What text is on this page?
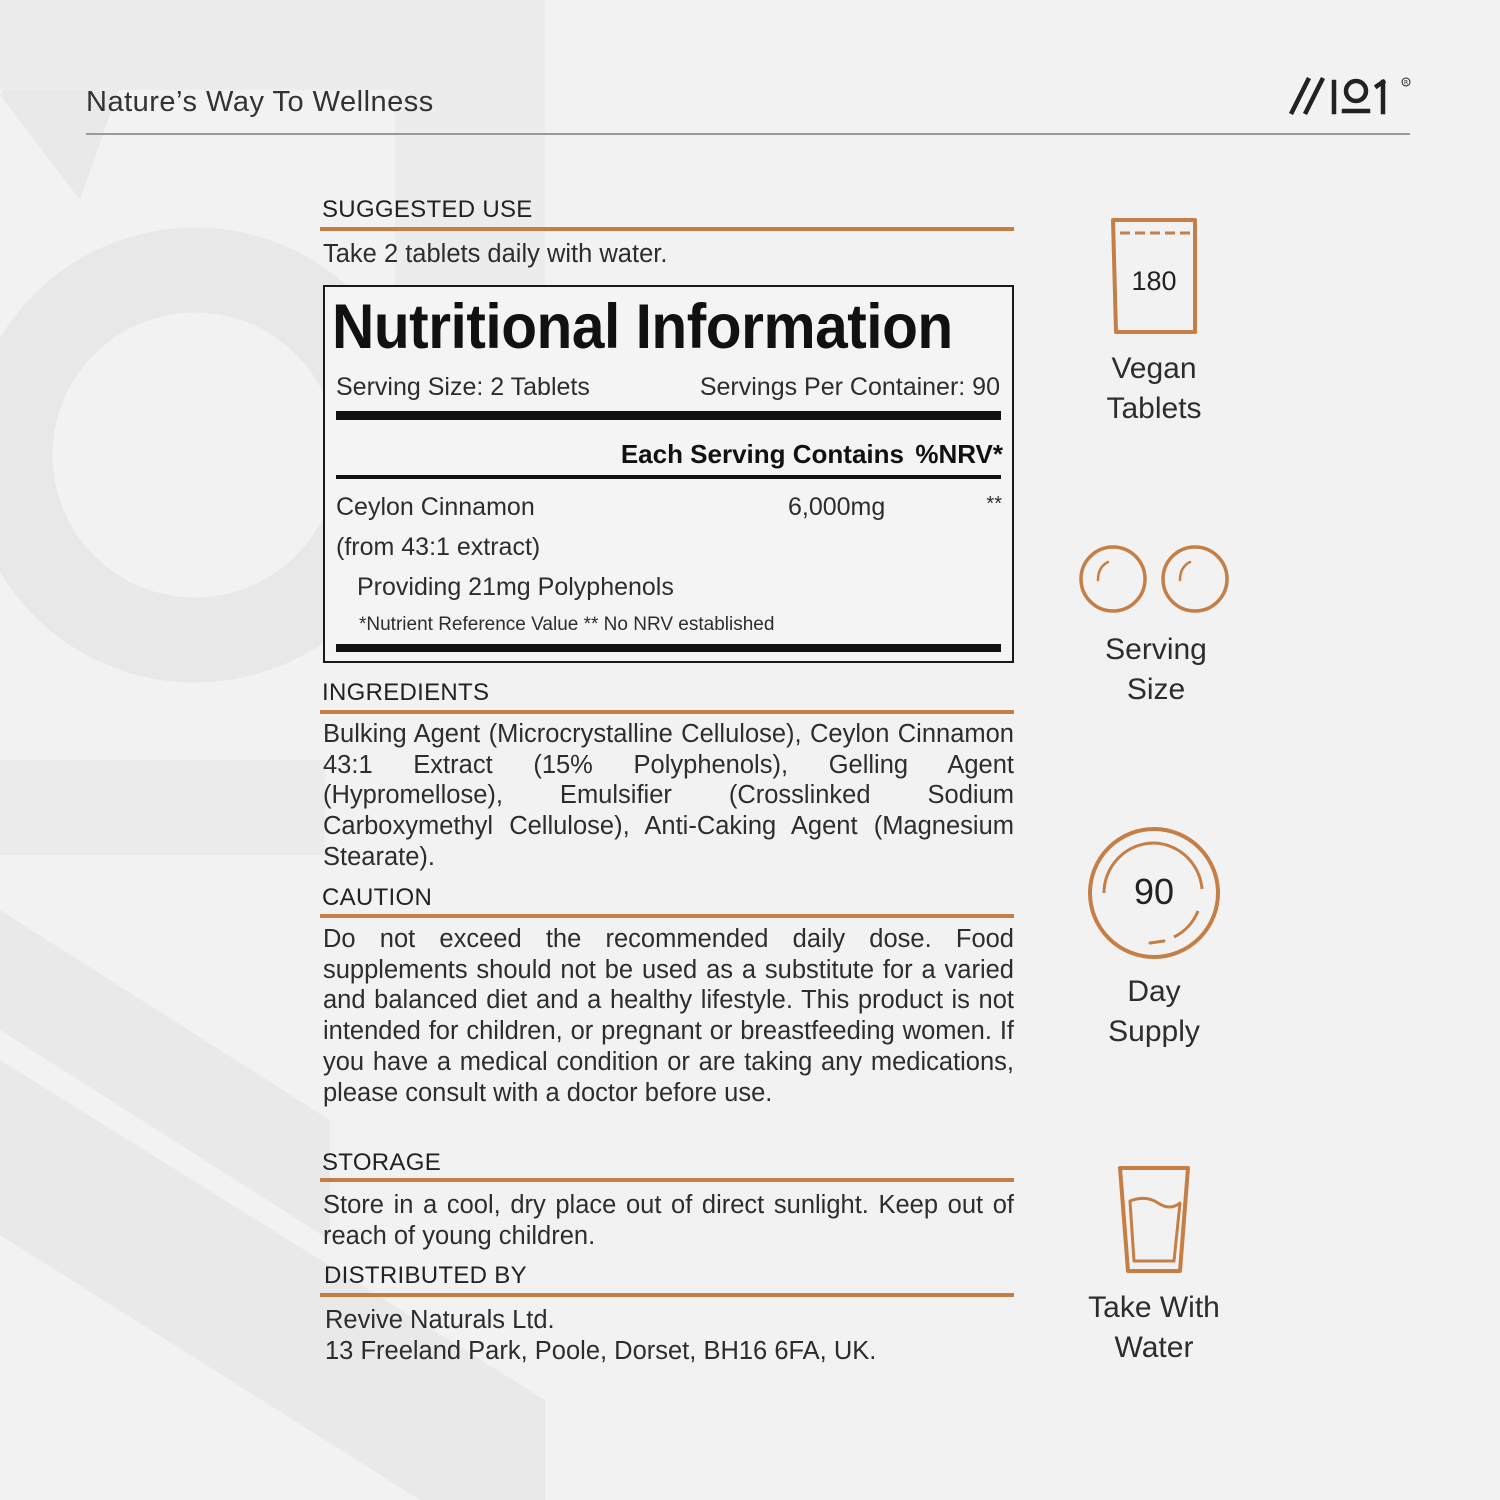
Nature’s Way To Wellness
R
SUGGESTED USE
Take 2 tablets daily with water.
Nutritional Information
Serving Size: 2 Tablets	Servings Per Container: 90
Each Serving Contains %NRV*
Ceylon Cinnamon	6,000mg	**
(from 43:1 extract)
Providing 21mg Polyphenols
*Nutrient Reference Value ** No NRV established
INGREDIENTS
Bulking Agent (Microcrystalline Cellulose), Ceylon Cinnamon 43:1 Extract (15% Polyphenols), Gelling Agent (Hypromellose), Emulsifier (Crosslinked Sodium Carboxymethyl Cellulose), Anti-Caking Agent (Magnesium Stearate).
CAUTION
Do not exceed the recommended daily dose. Food supplements should not be used as a substitute for a varied and balanced diet and a healthy lifestyle. This product is not intended for children, or pregnant or breastfeeding women. If you have a medical condition or are taking any medications, please consult with a doctor before use.
STORAGE
Store in a cool, dry place out of direct sunlight. Keep out of reach of young children.
DISTRIBUTED BY
Revive Naturals Ltd.
13 Freeland Park, Poole, Dorset, BH16 6FA, UK.
180
Vegan
Tablets
Serving
Size
90
Day
Supply
Take With
Water
